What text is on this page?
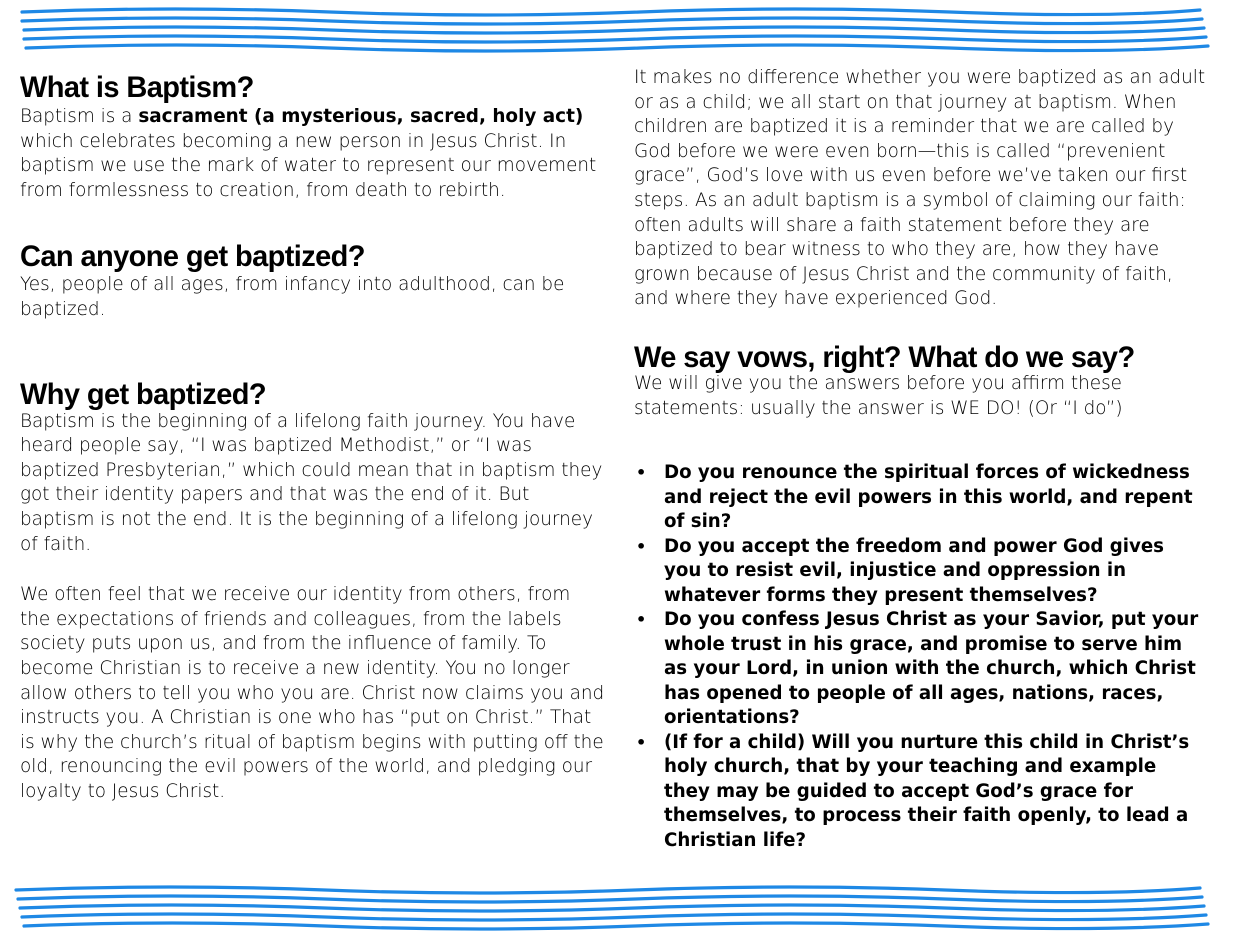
What is Baptism?

Baptism is a sacrament (a mysterious, sacred, holy act) which celebrates becoming a new person in Jesus Christ. In baptism we use the mark of water to represent our movement from formlessness to creation, from death to rebirth.

Can anyone get baptized?

Yes, people of all ages, from infancy into adulthood, can be baptized.

Why get baptized?

Baptism is the beginning of a lifelong faith journey. You have heard people say, “I was baptized Methodist,” or “I was baptized Presbyterian,” which could mean that in baptism they got their identity papers and that was the end of it. But baptism is not the end. It is the beginning of a lifelong journey of faith.

We often feel that we receive our identity from others, from the expectations of friends and colleagues, from the labels society puts upon us, and from the influence of family. To become Christian is to receive a new identity. You no longer allow others to tell you who you are. Christ now claims you and instructs you. A Christian is one who has “put on Christ.” That is why the church’s ritual of baptism begins with putting off the old, renouncing the evil powers of the world, and pledging our loyalty to Jesus Christ.

It makes no difference whether you were baptized as an adult or as a child; we all start on that journey at baptism. When children are baptized it is a reminder that we are called by God before we were even born—this is called “prevenient grace”, God’s love with us even before we’ve taken our first steps. As an adult baptism is a symbol of claiming our faith: often adults will share a faith statement before they are baptized to bear witness to who they are, how they have grown because of Jesus Christ and the community of faith, and where they have experienced God.

We say vows, right? What do we say?

We will give you the answers before you affirm these statements: usually the answer is WE DO! (Or “I do”)

• Do you renounce the spiritual forces of wickedness and reject the evil powers in this world, and repent of sin?
• Do you accept the freedom and power God gives you to resist evil, injustice and oppression in whatever forms they present themselves?
• Do you confess Jesus Christ as your Savior, put your whole trust in his grace, and promise to serve him as your Lord, in union with the church, which Christ has opened to people of all ages, nations, races, orientations?
• (If for a child) Will you nurture this child in Christ’s holy church, that by your teaching and example they may be guided to accept God’s grace for themselves, to process their faith openly, to lead a Christian life?
